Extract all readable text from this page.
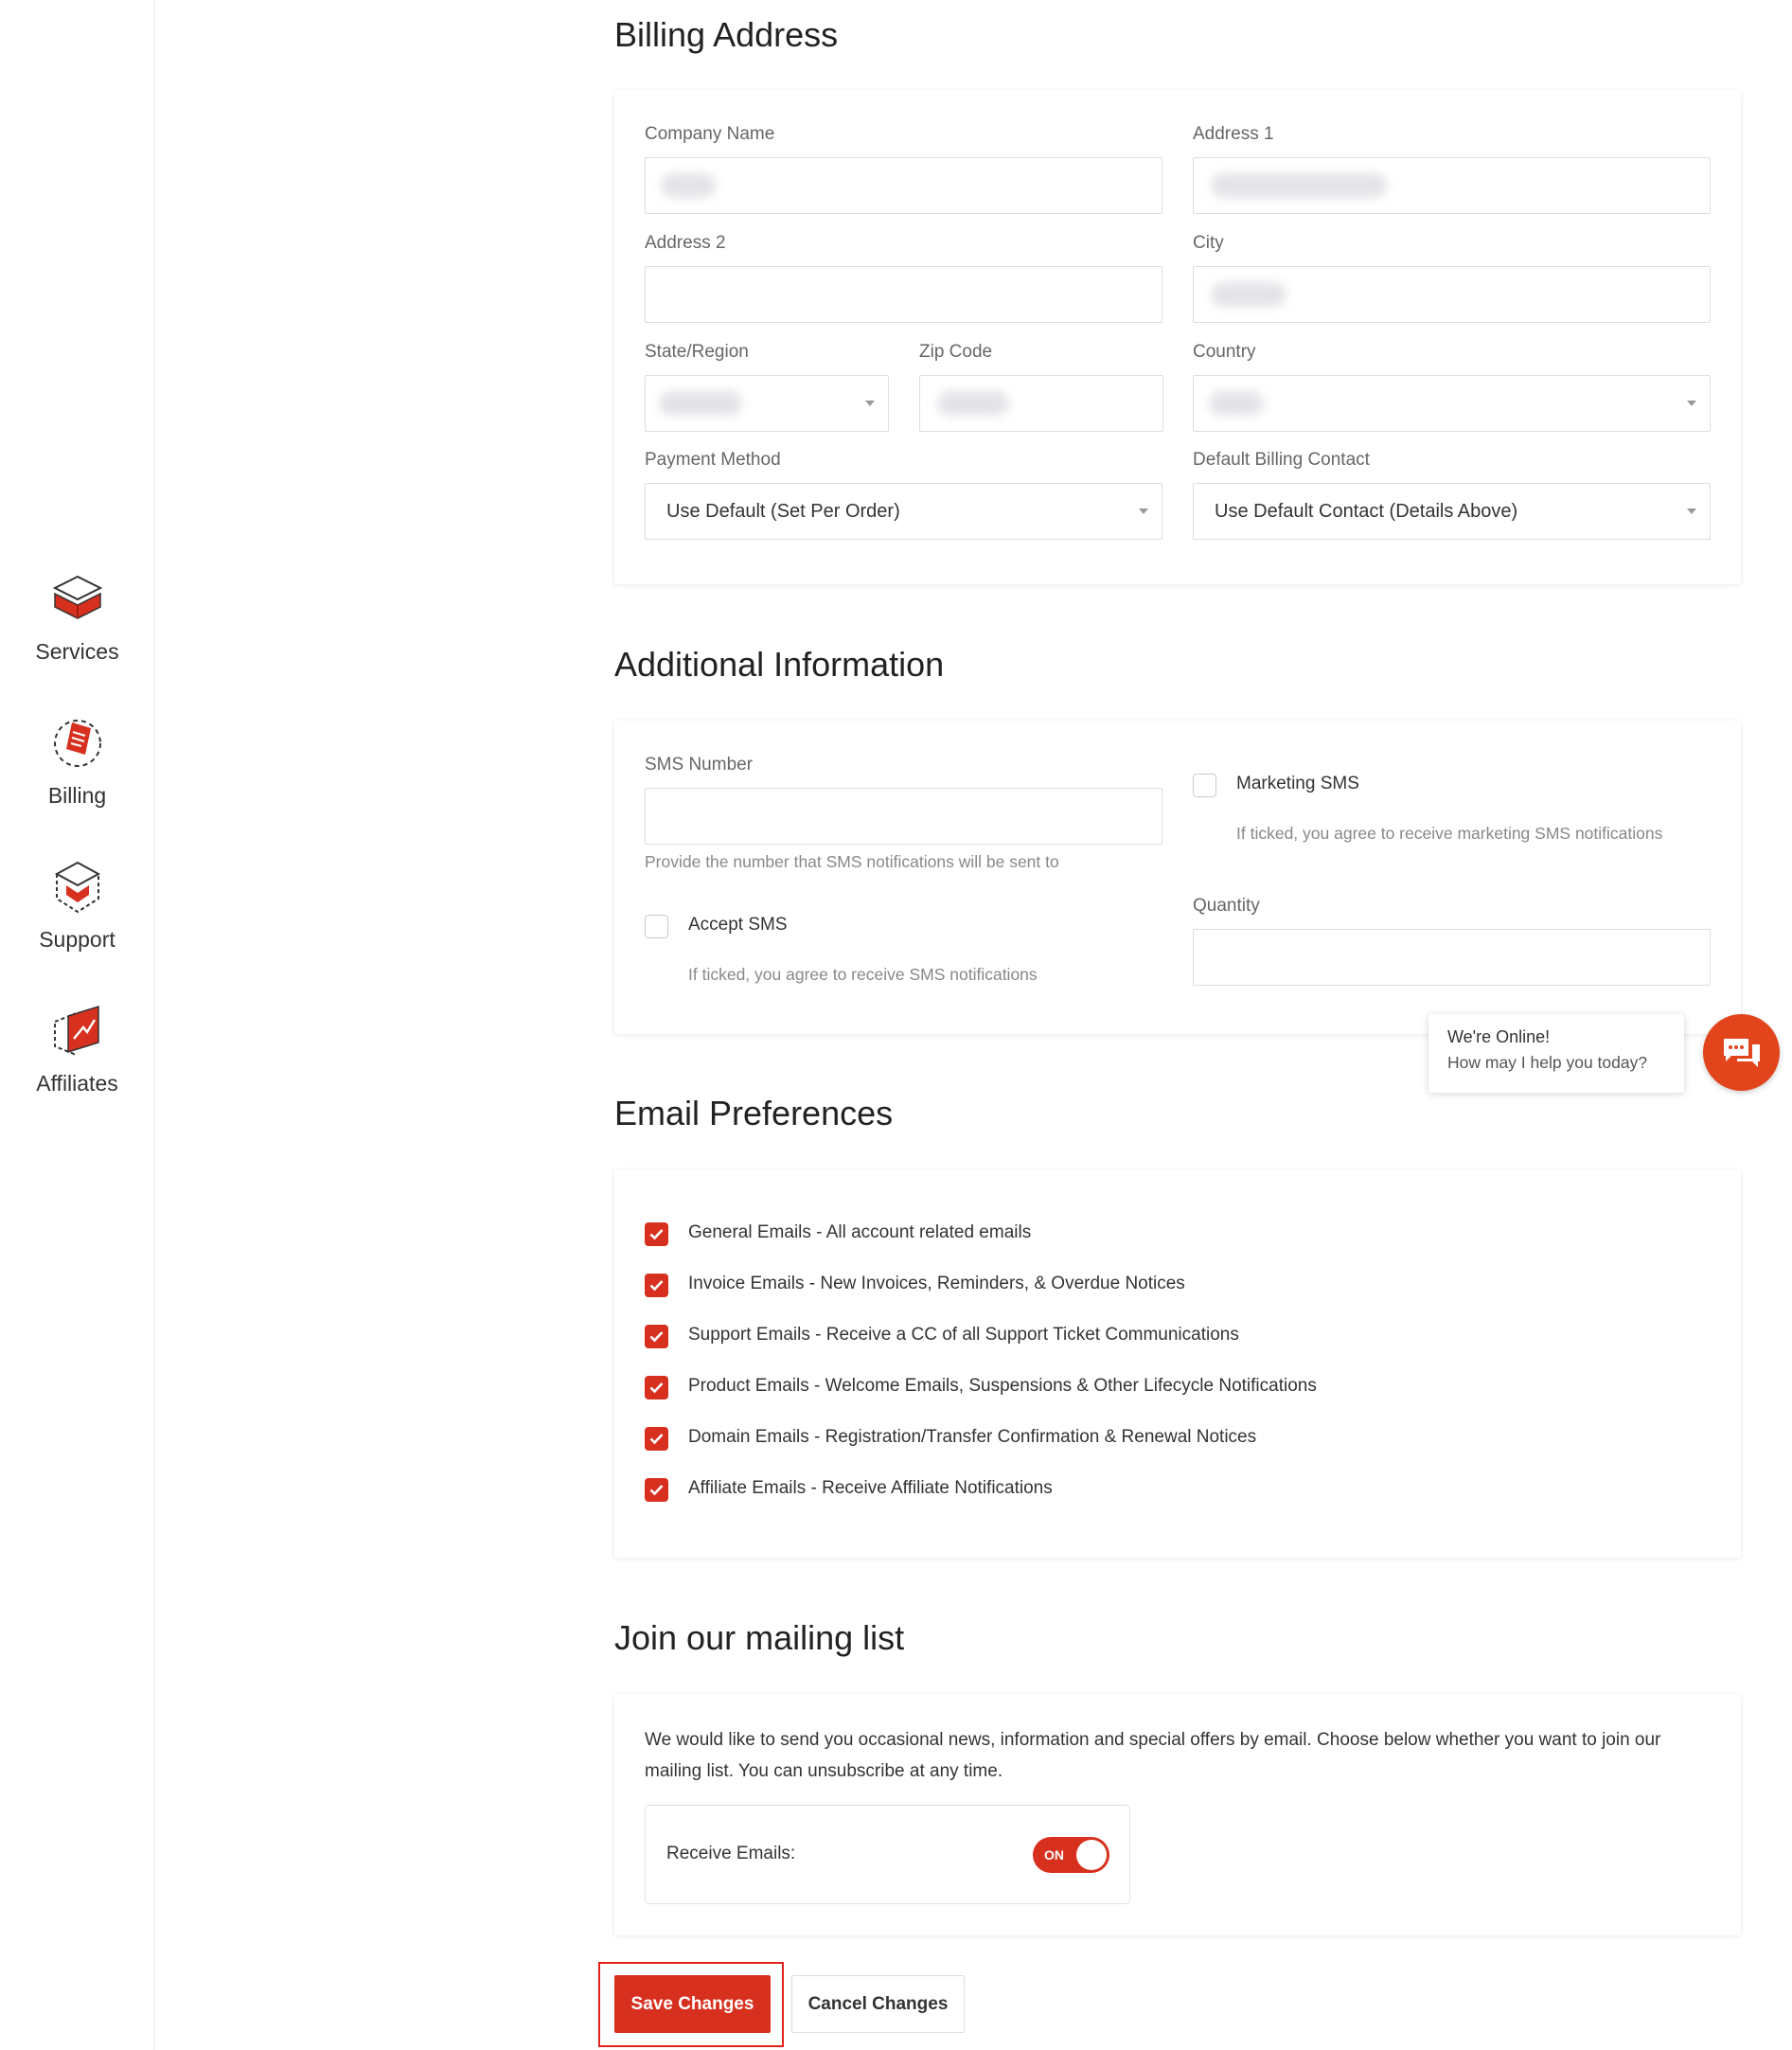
Services
Billing
Support
Affiliates
Billing Address
Company Name	Address 1
Address 2	City
State/Region	Zip Code	Country
Payment Method
Use Default (Set Per Order)
Default Billing Contact
Use Default Contact (Details Above)
Additional Information
SMS Number
Provide the number that SMS notifications will be sent to
Accept SMS
If ticked, you agree to receive SMS notifications
Marketing SMS
If ticked, you agree to receive marketing SMS notifications
Quantity
We're Online!
How may I help you today?
Email Preferences
General Emails - All account related emails
Invoice Emails - New Invoices, Reminders, & Overdue Notices
Support Emails - Receive a CC of all Support Ticket Communications
Product Emails - Welcome Emails, Suspensions & Other Lifecycle Notifications
Domain Emails - Registration/Transfer Confirmation & Renewal Notices
Affiliate Emails - Receive Affiliate Notifications
Join our mailing list
We would like to send you occasional news, information and special offers by email. Choose below whether you want to join our
mailing list. You can unsubscribe at any time.
Receive Emails:	ON
Save Changes	Cancel Changes
